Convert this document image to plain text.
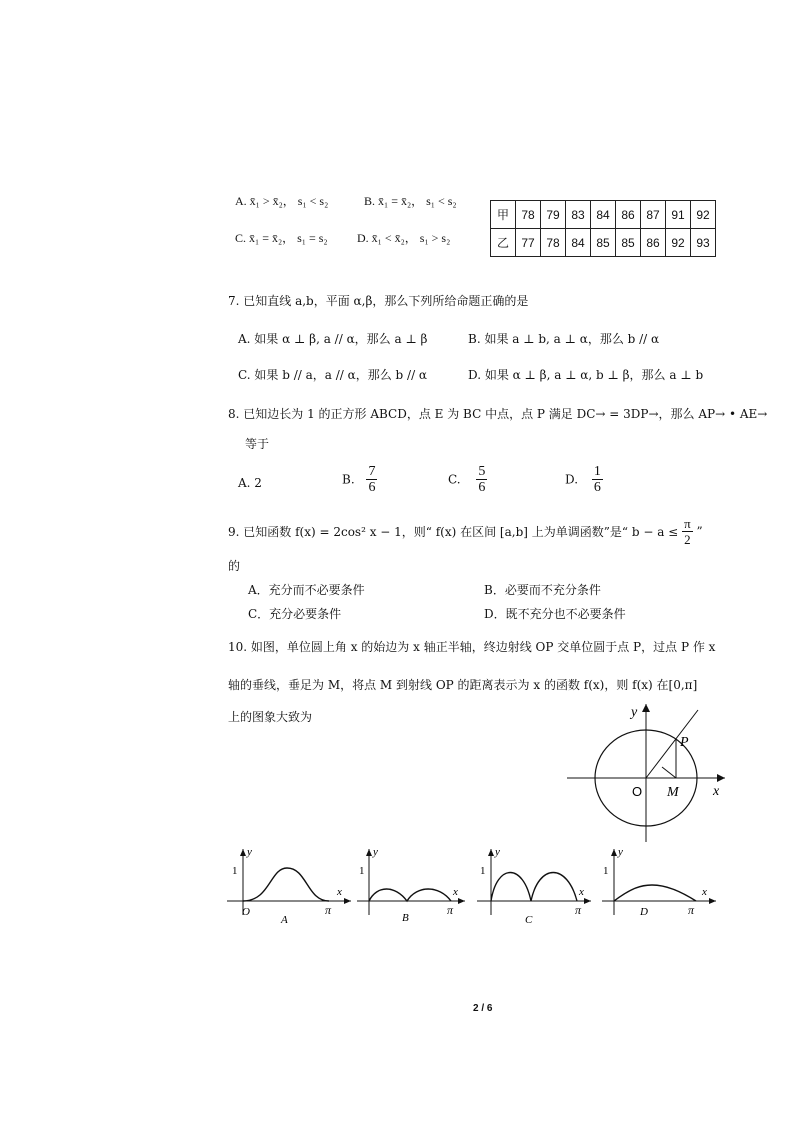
A. x̄₁ > x̄₂， s₁ < s₂	B. x̄₁ = x̄₂， s₁ < s₂
C. x̄₁ = x̄₂， s₁ = s₂ D. x̄₁ < x̄₂， s₁ > s₂
甲	78	79	83	84	86	87	91	92
乙	77	78	84	85	85	86	92	93
7. 已知直线 a,b，平面 α,β，那么下列所给命题正确的是
A. 如果 α ⊥ β, a // α，那么 a ⊥ β	B. 如果 a ⊥ b, a ⊥ α，那么 b // α
C. 如果 b // a，a // α，那么 b // α	D. 如果 α ⊥ β, a ⊥ α, b ⊥ β，那么 a ⊥ b
8. 已知边长为 1 的正方形 ABCD，点 E 为 BC 中点，点 P 满足 DC→ = 3DP→，那么 AP→ • AE→
等于
A. 2	B. $\frac{7}{6}$	C. $\frac{5}{6}$	D. $\frac{1}{6}$
9. 已知函数 f(x) = 2cos² x − 1，则“ f(x) 在区间 [a,b] 上为单调函数”是“ $b - a \le \frac{\pi}{2}$ ”
的
A．充分而不必要条件	B．必要而不充分条件
C．充分必要条件	D．既不充分也不必要条件
10. 如图，单位圆上角 x 的始边为 x 轴正半轴，终边射线 OP 交单位圆于点 P，过点 P 作 x
轴的垂线，垂足为 M，将点 M 到射线 OP 的距离表示为 x 的函数 f(x)，则 f(x) 在[0,π]
上的图象大致为	y
x
O M
P
y
1
x
π
O
A
y
1
x
π
B
y
1
x
π
C
y
1
x
π
D
2 / 6
